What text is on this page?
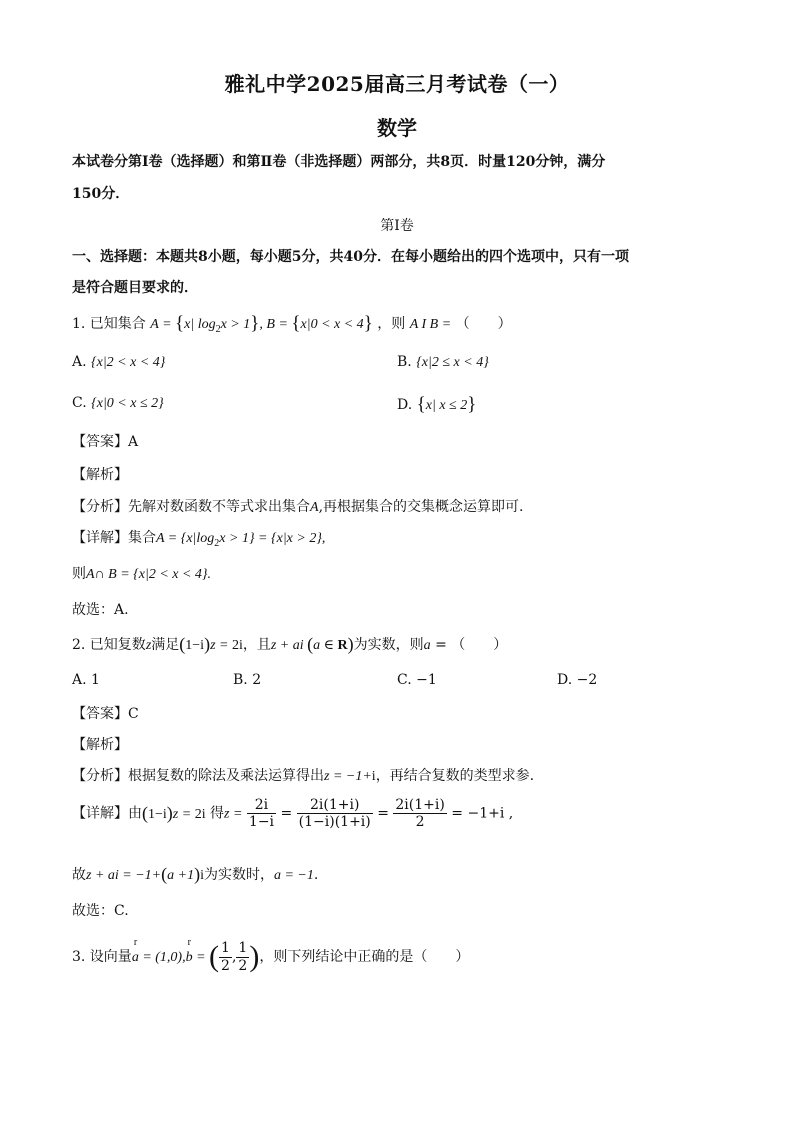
雅礼中学2025届高三月考试卷（一）
数学
本试卷分第Ⅰ卷（选择题）和第Ⅱ卷（非选择题）两部分，共8页．时量120分钟，满分
150分．
第Ⅰ卷
一、选择题：本题共8小题，每小题5分，共40分．在每小题给出的四个选项中，只有一项
是符合题目要求的．
1. 已知集合 A = {x| $\log_2x > 1$}, B = {x|0 < x < 4} ，则 A I B = （　　）
A. {x|2 < x < 4}	B. {x|2 ≤ x < 4}
C. {x|0 < x ≤ 2}	D. {x| x ≤ 2}
【答案】A
【解析】
【分析】先解对数函数不等式求出集合A,再根据集合的交集概念运算即可.
【详解】集合$A = \{x|\log_2x > 1\} = \{x|x > 2\}$,
则A∩ B = {x|2 < x < 4}.
故选：A.
2. 已知复数z满足(1−i)z = 2i，且z + ai (a ∈ R)为实数，则a = （　　）
A. 1	B. 2	C. −1	D. −2
【答案】C
【解析】
【分析】根据复数的除法及乘法运算得出z = −1+i，再结合复数的类型求参.
【详解】由(1−i)z = 2i 得$z = \frac{2i}{1-i} = \frac{2i(1+i)}{(1-i)(1+i)} = \frac{2i(1+i)}{2} = -1+i$ ,
故z + ai = −1+(a +1)i为实数时，a = −1.
故选：C.
3. 设向量r a = (1,0),r b = ( $\frac{1}{2}$ , $\frac{1}{2}$ )，则下列结论中正确的是（　　）
